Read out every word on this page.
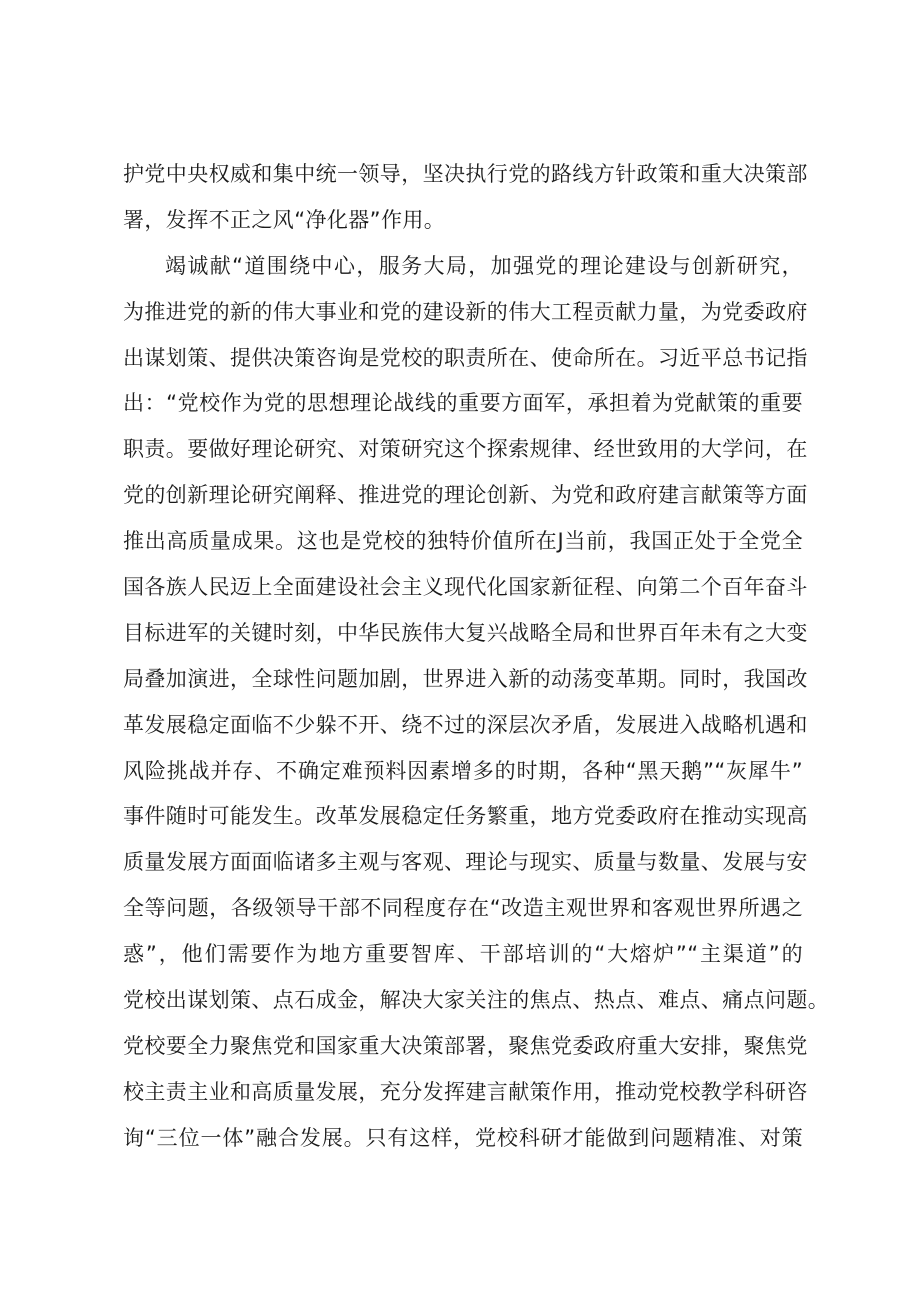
护党中央权威和集中统一领导，坚决执行党的路线方针政策和重大决策部
署，发挥不正之风“净化器”作用。
竭诚献“道围绕中心，服务大局，加强党的理论建设与创新研究，
为推进党的新的伟大事业和党的建设新的伟大工程贡献力量，为党委政府
出谋划策、提供决策咨询是党校的职责所在、使命所在。习近平总书记指
出：“党校作为党的思想理论战线的重要方面军，承担着为党献策的重要
职责。要做好理论研究、对策研究这个探索规律、经世致用的大学问，在
党的创新理论研究阐释、推进党的理论创新、为党和政府建言献策等方面
推出高质量成果。这也是党校的独特价值所在J当前，我国正处于全党全
国各族人民迈上全面建设社会主义现代化国家新征程、向第二个百年奋斗
目标进军的关键时刻，中华民族伟大复兴战略全局和世界百年未有之大变
局叠加演进，全球性问题加剧，世界进入新的动荡变革期。同时，我国改
革发展稳定面临不少躲不开、绕不过的深层次矛盾，发展进入战略机遇和
风险挑战并存、不确定难预料因素增多的时期，各种“黑天鹅”“灰犀牛”
事件随时可能发生。改革发展稳定任务繁重，地方党委政府在推动实现高
质量发展方面面临诸多主观与客观、理论与现实、质量与数量、发展与安
全等问题，各级领导干部不同程度存在“改造主观世界和客观世界所遇之
惑”，他们需要作为地方重要智库、干部培训的“大熔炉”“主渠道”的
党校出谋划策、点石成金，解决大家关注的焦点、热点、难点、痛点问题。
党校要全力聚焦党和国家重大决策部署，聚焦党委政府重大安排，聚焦党
校主责主业和高质量发展，充分发挥建言献策作用，推动党校教学科研咨
询“三位一体”融合发展。只有这样，党校科研才能做到问题精准、对策
